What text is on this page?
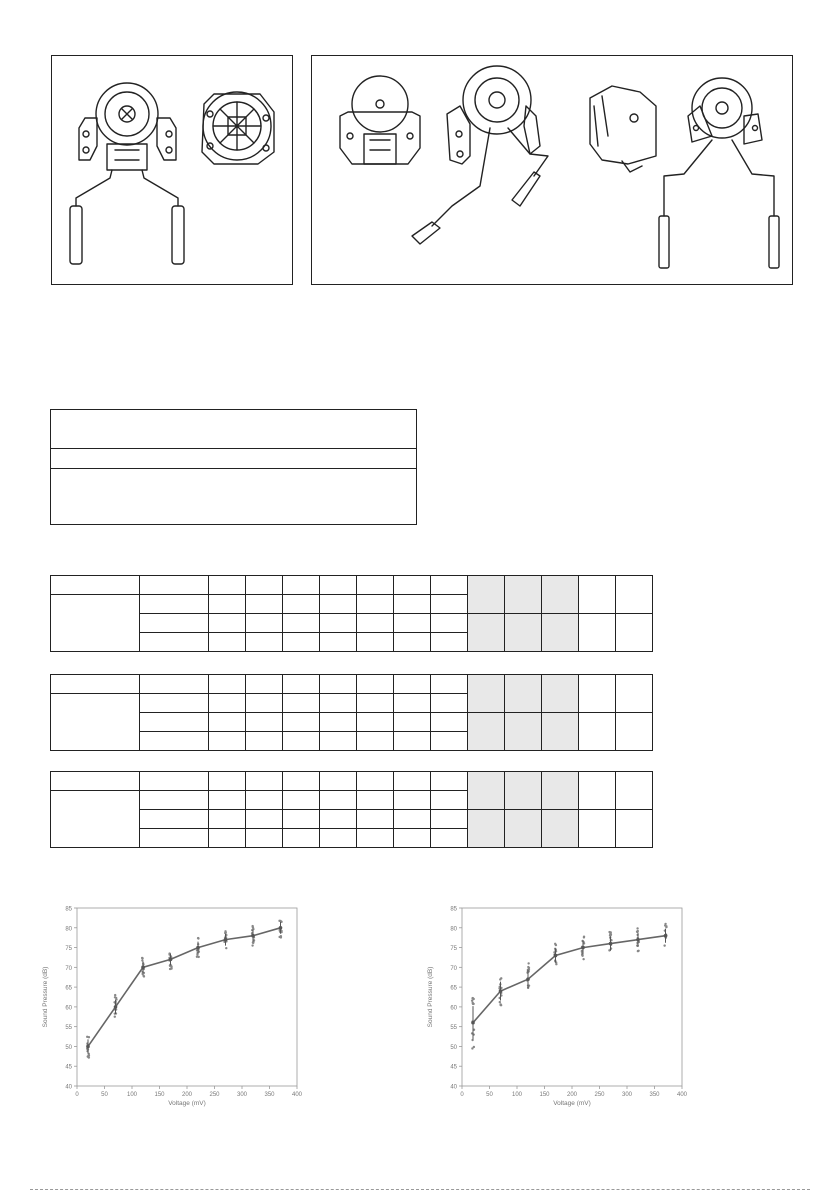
40
45
50
55
60
65
70
75
80
85
0	50	100	150	200	250	300	350	400
Voltage (mV)
Sound Pressure (dB)
40
45
50
55
60
65
70
75
80
85
0	50	100	150	200	250	300	350	400
Voltage (mV)
Sound Pressure (dB)
